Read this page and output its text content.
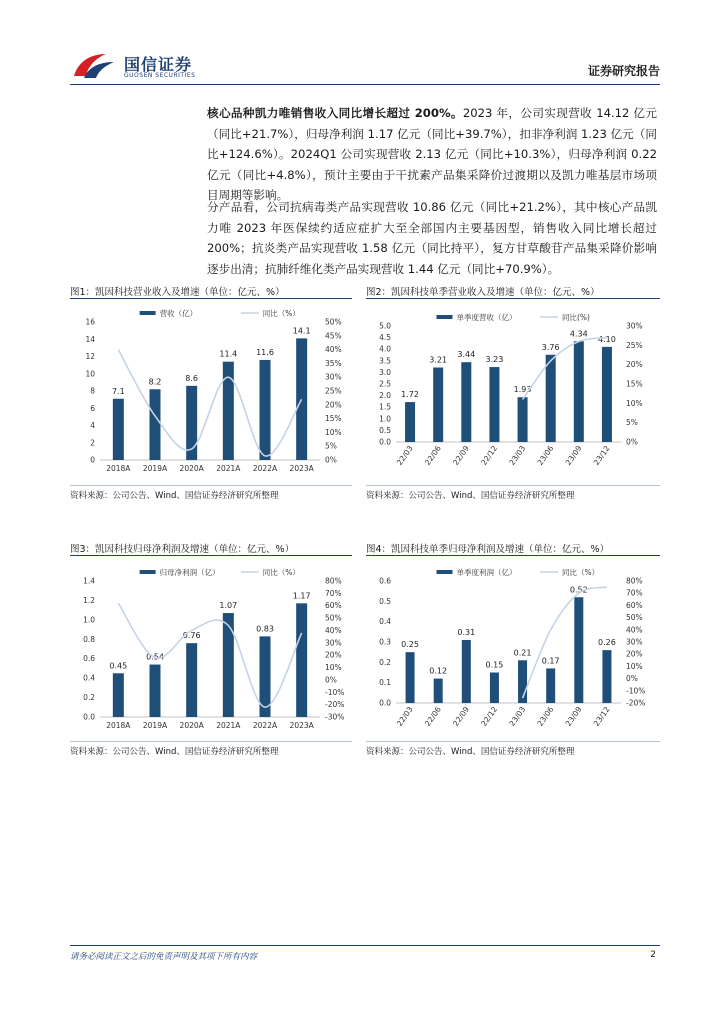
国信证券
GUOSEN SECURITIES	证券研究报告

核心品种凯力唯销售收入同比增长超过 200%。2023 年，公司实现营收 14.12 亿元（同比+21.7%），归母净利润 1.17 亿元（同比+39.7%），扣非净利润 1.23 亿元（同比+124.6%）。2024Q1 公司实现营收 2.13 亿元（同比+10.3%），归母净利润 0.22 亿元（同比+4.8%），预计主要由于干扰素产品集采降价过渡期以及凯力唯基层市场项目周期等影响。

分产品看，公司抗病毒类产品实现营收 10.86 亿元（同比+21.2%），其中核心产品凯力唯 2023 年医保续约适应症扩大至全部国内主要基因型，销售收入同比增长超过 200%；抗炎类产品实现营收 1.58 亿元（同比持平），复方甘草酸苷产品集采降价影响逐步出清；抗肺纤维化类产品实现营收 1.44 亿元（同比+70.9%）。

图1：凯因科技营业收入及增速（单位：亿元、%）
0
2
4
6
8
10
12
14
16
0%
5%
10%
15%
20%
25%
30%
35%
40%
45%
50%
营收（亿）	同比（%）
7.1
2018A
8.2
2019A
8.6
2020A
11.4
2021A
11.6
2022A
14.1
2023A
资料来源：公司公告、Wind、国信证券经济研究所整理
图2：凯因科技单季营业收入及增速（单位：亿元、%）
0.0
0.5
1.0
1.5
2.0
2.5
3.0
3.5
4.0
4.5
5.0
0%
5%
10%
15%
20%
25%
30%
单季度营收（亿）	同比(%)
1.72
22/03
3.21
22/06
3.44
22/09
3.23
22/12
1.93
23/03
3.76
23/06
4.34
23/09
4.10
23/12
资料来源：公司公告、Wind、国信证券经济研究所整理
图3：凯因科技归母净利润及增速（单位：亿元、%）
0.0
0.2
0.4
0.6
0.8
1.0
1.2
1.4
-30%
-20%
-10%
0%
10%
20%
30%
40%
50%
60%
70%
80%
归母净利润（亿）	同比（%）
0.45
2018A
0.54
2019A
0.76
2020A
1.07
2021A
0.83
2022A
1.17
2023A
资料来源：公司公告、Wind、国信证券经济研究所整理
图4：凯因科技单季归母净利润及增速（单位：亿元、%）
0.0
0.1
0.2
0.3
0.4
0.5
0.6
-20%
-10%
0%
10%
20%
30%
40%
50%
60%
70%
80%
单季度利润（亿）	同比（%）
0.25
22/03
0.12
22/06
0.31
22/09
0.15
22/12
0.21
23/03
0.17
23/06
0.52
23/09
0.26
23/12
资料来源：公司公告、Wind、国信证券经济研究所整理
请务必阅读正文之后的免责声明及其项下所有内容	2
